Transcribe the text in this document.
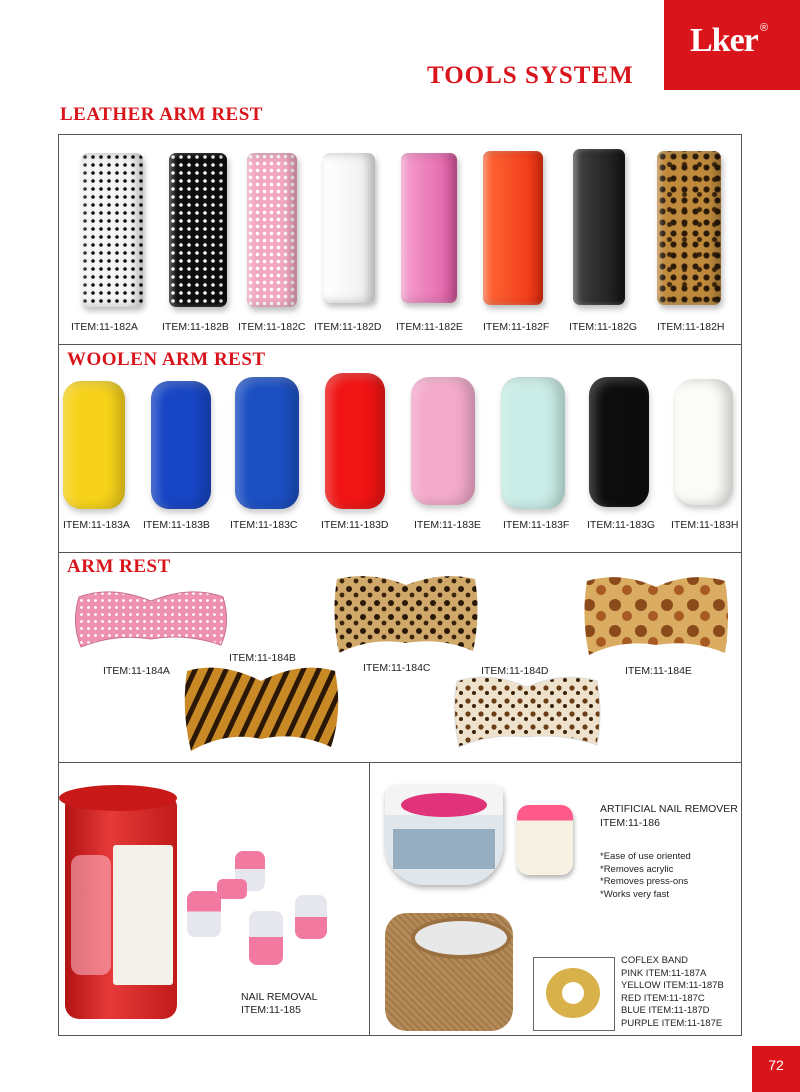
Lker ®
TOOLS SYSTEM
LEATHER ARM REST
ITEM:11-182A ITEM:11-182B ITEM:11-182C ITEM:11-182D ITEM:11-182E ITEM:11-182F ITEM:11-182G ITEM:11-182H
WOOLEN ARM REST
ITEM:11-183A ITEM:11-183B ITEM:11-183C ITEM:11-183D ITEM:11-183E ITEM:11-183F ITEM:11-183G ITEM:11-183H
ARM REST
ITEM:11-184A
ITEM:11-184B
ITEM:11-184C	ITEM:11-184D	ITEM:11-184E
NAIL REMOVAL
ITEM:11-185
ARTIFICIAL NAIL REMOVER
ITEM:11-186
*Ease of use oriented
*Removes acrylic
*Removes press-ons
*Works very fast
COFLEX BAND
PINK ITEM:11-187A
YELLOW ITEM:11-187B
RED ITEM:11-187C
BLUE ITEM:11-187D
PURPLE ITEM:11-187E
72
